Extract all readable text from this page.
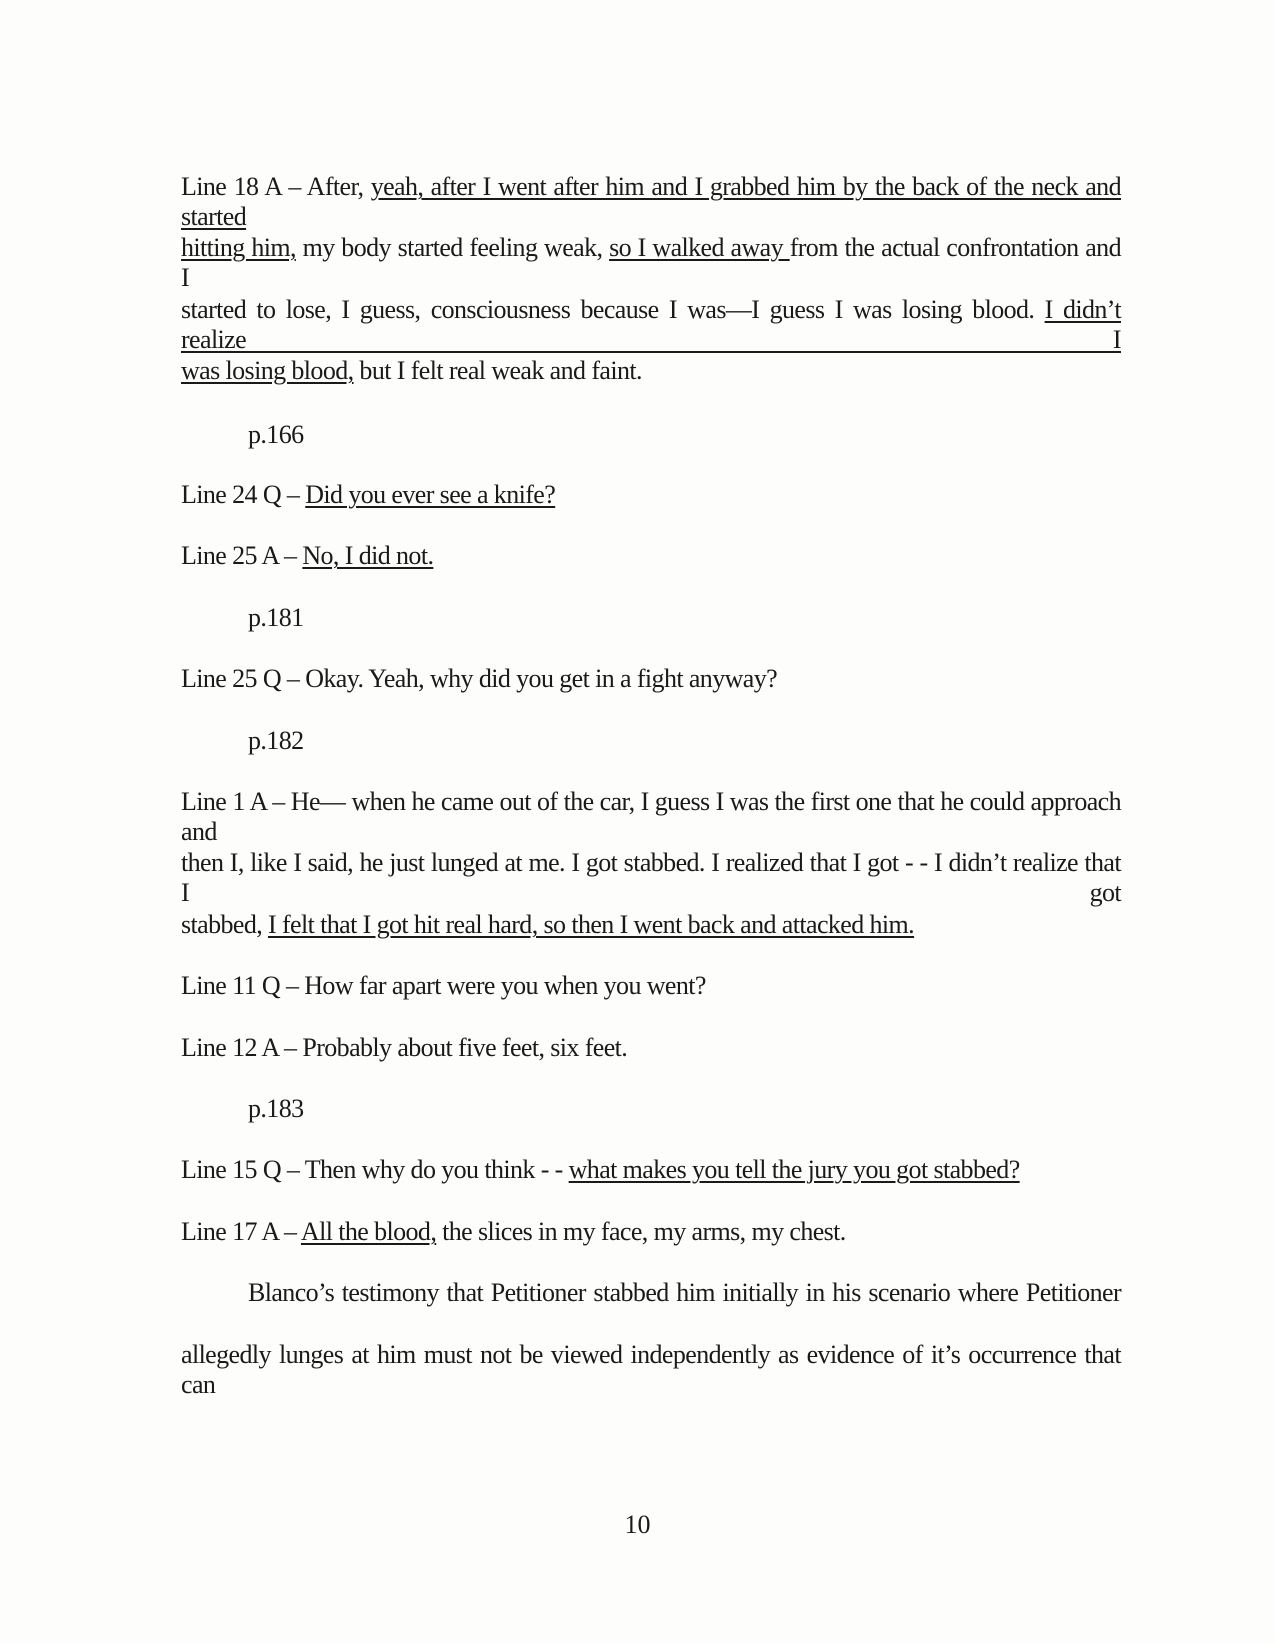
Line 18 A – After, yeah, after I went after him and I grabbed him by the back of the neck and started
hitting him, my body started feeling weak, so I walked away from the actual confrontation and I
started to lose, I guess, consciousness because I was—I guess I was losing blood. I didn’t realize I
was losing blood, but I felt real weak and faint.
p.166
Line 24 Q – Did you ever see a knife?
Line 25 A – No, I did not.
p.181
Line 25 Q – Okay. Yeah, why did you get in a fight anyway?
p.182
Line 1 A – He— when he came out of the car, I guess I was the first one that he could approach and
then I, like I said, he just lunged at me. I got stabbed. I realized that I got - - I didn’t realize that I got
stabbed, I felt that I got hit real hard, so then I went back and attacked him.
Line 11 Q – How far apart were you when you went?
Line 12 A – Probably about five feet, six feet.
p.183
Line 15 Q – Then why do you think - - what makes you tell the jury you got stabbed?
Line 17 A – All the blood, the slices in my face, my arms, my chest.
Blanco’s testimony that Petitioner stabbed him initially in his scenario where Petitioner
allegedly lunges at him must not be viewed independently as evidence of it’s occurrence that can
10
